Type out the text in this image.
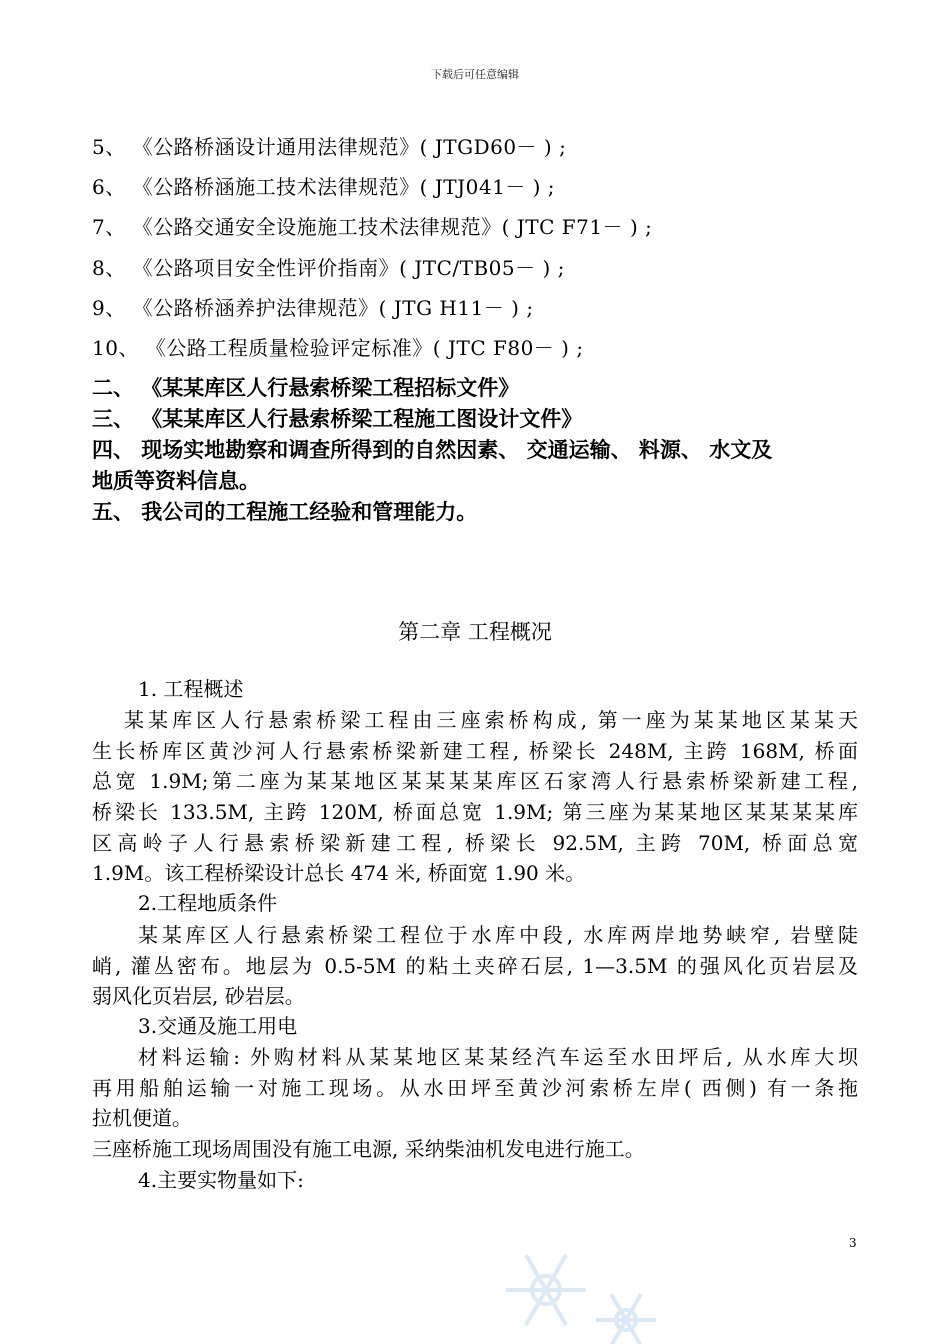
下载后可任意编辑
5、 《公路桥涵设计通用法律规范》( JTGD60－ ) ;
6、 《公路桥涵施工技术法律规范》( JTJ041－ ) ;
7、 《公路交通安全设施施工技术法律规范》( JTC F71－ ) ;
8、 《公路项目安全性评价指南》( JTC/TB05－ ) ;
9、 《公路桥涵养护法律规范》( JTG H11－ ) ;
10、 《公路工程质量检验评定标准》( JTC F80－ ) ;
二、 《某某库区人行悬索桥梁工程招标文件》
三、 《某某库区人行悬索桥梁工程施工图设计文件》
四、 现场实地勘察和调查所得到的自然因素、 交通运输、 料源、 水文及
地质等资料信息。
五、 我公司的工程施工经验和管理能力。
第二章 工程概况
1. 工程概述
某某库区人行悬索桥梁工程由三座索桥构成, 第一座为某某地区某某天
生长桥库区黄沙河人行悬索桥梁新建工程, 桥梁长 248M, 主跨 168M, 桥面
总宽 1.9M;第二座为某某地区某某某某库区石家湾人行悬索桥梁新建工程,
桥梁长 133.5M, 主跨 120M, 桥面总宽 1.9M; 第三座为某某地区某某某某库
区高岭子人行悬索桥梁新建工程, 桥梁长 92.5M, 主跨 70M, 桥面总宽
1.9M。该工程桥梁设计总长 474 米, 桥面宽 1.90 米。
2.工程地质条件
某某库区人行悬索桥梁工程位于水库中段, 水库两岸地势峡窄, 岩壁陡
峭, 灌丛密布。地层为 0.5-5M 的粘土夹碎石层, 1—3.5M 的强风化页岩层及
弱风化页岩层, 砂岩层。
3.交通及施工用电
材料运输: 外购材料从某某地区某某经汽车运至水田坪后, 从水库大坝
再用船舶运输一对施工现场。从水田坪至黄沙河索桥左岸( 西侧) 有一条拖
拉机便道。
三座桥施工现场周围没有施工电源, 采纳柴油机发电进行施工。
4.主要实物量如下:
3
